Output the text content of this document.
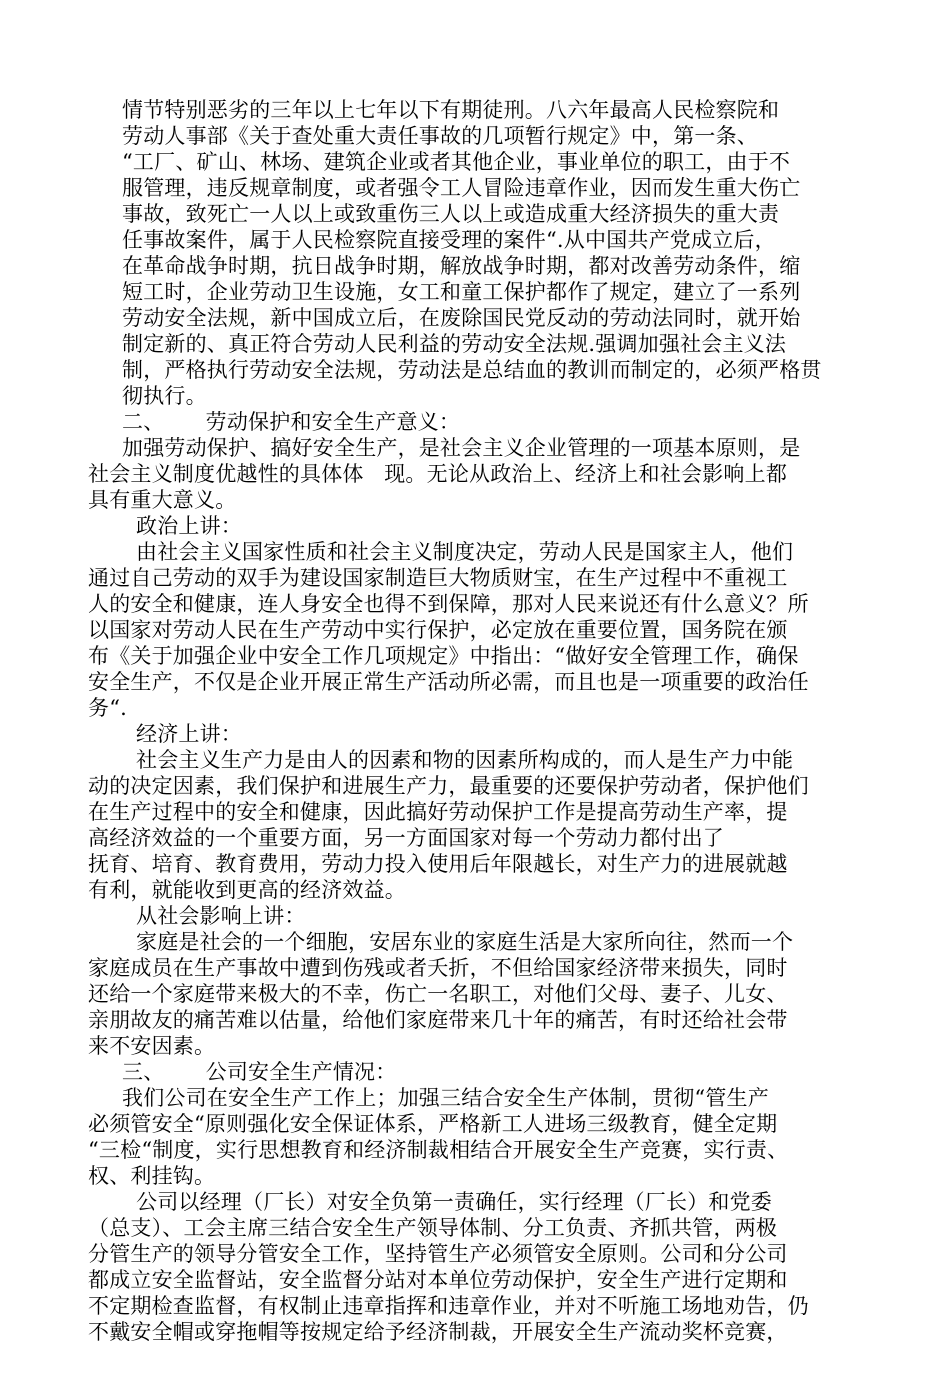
情节特别恶劣的三年以上七年以下有期徒刑。八六年最高人民检察院和
劳动人事部《关于查处重大责任事故的几项暂行规定》中，第一条、
“工厂、矿山、林场、建筑企业或者其他企业，事业单位的职工，由于不
服管理，违反规章制度，或者强令工人冒险违章作业，因而发生重大伤亡
事故，致死亡一人以上或致重伤三人以上或造成重大经济损失的重大责
任事故案件，属于人民检察院直接受理的案件“.从中国共产党成立后，
在革命战争时期，抗日战争时期，解放战争时期，都对改善劳动条件，缩
短工时，企业劳动卫生设施，女工和童工保护都作了规定，建立了一系列
劳动安全法规，新中国成立后，在废除国民党反动的劳动法同时，就开始
制定新的、真正符合劳动人民利益的劳动安全法规.强调加强社会主义法
制，严格执行劳动安全法规，劳动法是总结血的教训而制定的，必须严格贯
彻执行。
二、      劳动保护和安全生产意义：
加强劳动保护、搞好安全生产，是社会主义企业管理的一项基本原则，是
社会主义制度优越性的具体体   现。无论从政治上、经济上和社会影响上都
具有重大意义。
政治上讲：
由社会主义国家性质和社会主义制度决定，劳动人民是国家主人，他们
通过自己劳动的双手为建设国家制造巨大物质财宝，在生产过程中不重视工
人的安全和健康，连人身安全也得不到保障，那对人民来说还有什么意义？所
以国家对劳动人民在生产劳动中实行保护，必定放在重要位置，国务院在颁
布《关于加强企业中安全工作几项规定》中指出：“做好安全管理工作，确保
安全生产，不仅是企业开展正常生产活动所必需，而且也是一项重要的政治任
务“.
经济上讲：
社会主义生产力是由人的因素和物的因素所构成的，而人是生产力中能
动的决定因素，我们保护和进展生产力，最重要的还要保护劳动者，保护他们
在生产过程中的安全和健康，因此搞好劳动保护工作是提高劳动生产率，提
高经济效益的一个重要方面，另一方面国家对每一个劳动力都付出了
抚育、培育、教育费用，劳动力投入使用后年限越长，对生产力的进展就越
有利，就能收到更高的经济效益。
从社会影响上讲：
家庭是社会的一个细胞，安居东业的家庭生活是大家所向往，然而一个
家庭成员在生产事故中遭到伤残或者夭折，不但给国家经济带来损失，同时
还给一个家庭带来极大的不幸，伤亡一名职工，对他们父母、妻子、儿女、
亲朋故友的痛苦难以估量，给他们家庭带来几十年的痛苦，有时还给社会带
来不安因素。
三、      公司安全生产情况：
我们公司在安全生产工作上；加强三结合安全生产体制，贯彻“管生产
必须管安全“原则强化安全保证体系，严格新工人进场三级教育，健全定期
“三检“制度，实行思想教育和经济制裁相结合开展安全生产竞赛，实行责、
权、利挂钩。
公司以经理（厂长）对安全负第一责确任，实行经理（厂长）和党委
（总支）、工会主席三结合安全生产领导体制、分工负责、齐抓共管，两极
分管生产的领导分管安全工作，坚持管生产必须管安全原则。公司和分公司
都成立安全监督站，安全监督分站对本单位劳动保护，安全生产进行定期和
不定期检查监督，有权制止违章指挥和违章作业，并对不听施工场地劝告，仍
不戴安全帽或穿拖帽等按规定给予经济制裁，开展安全生产流动奖杯竞赛，
